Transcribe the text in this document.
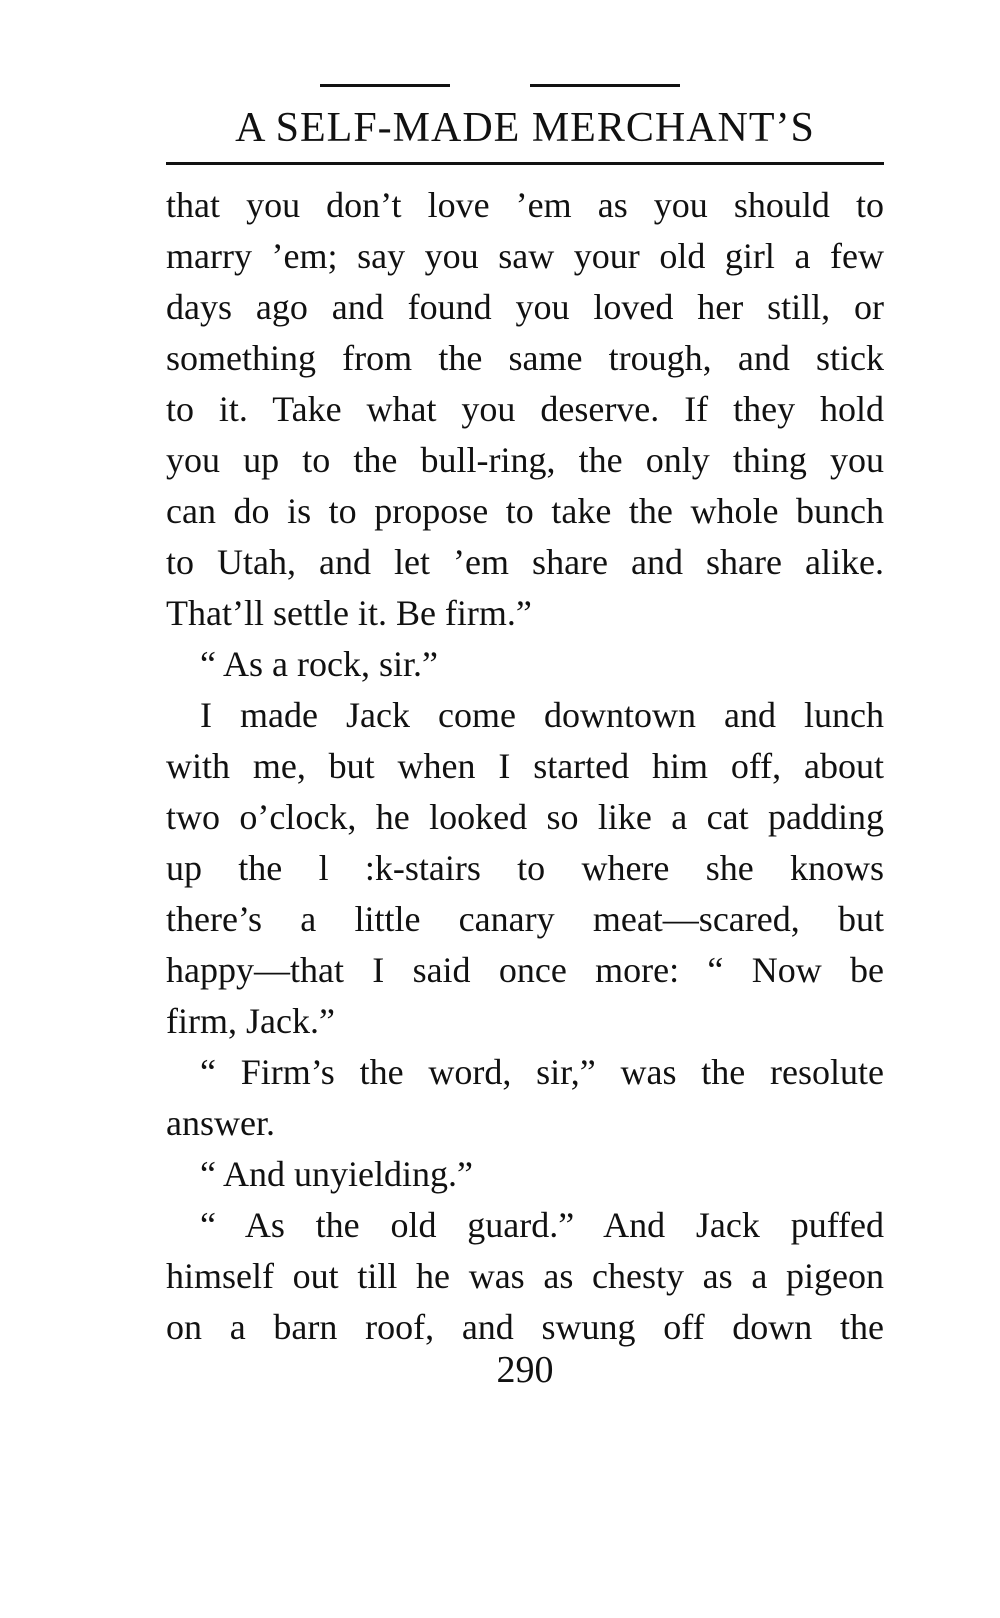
A SELF-MADE MERCHANT’S
that you don’t love ’em as you should to
marry ’em; say you saw your old girl a few
days ago and found you loved her still, or
something from the same trough, and stick
to it. Take what you deserve. If they hold
you up to the bull-ring, the only thing you
can do is to propose to take the whole bunch
to Utah, and let ’em share and share alike.
That’ll settle it. Be firm.”
“ As a rock, sir.”
I made Jack come downtown and lunch
with me, but when I started him off, about
two o’clock, he looked so like a cat padding
up the l :k-stairs to where she knows
there’s a little canary meat—scared, but
happy—that I said once more: “ Now be
firm, Jack.”
“ Firm’s the word, sir,” was the resolute
answer.
“ And unyielding.”
“ As the old guard.” And Jack puffed
himself out till he was as chesty as a pigeon
on a barn roof, and swung off down the
290
